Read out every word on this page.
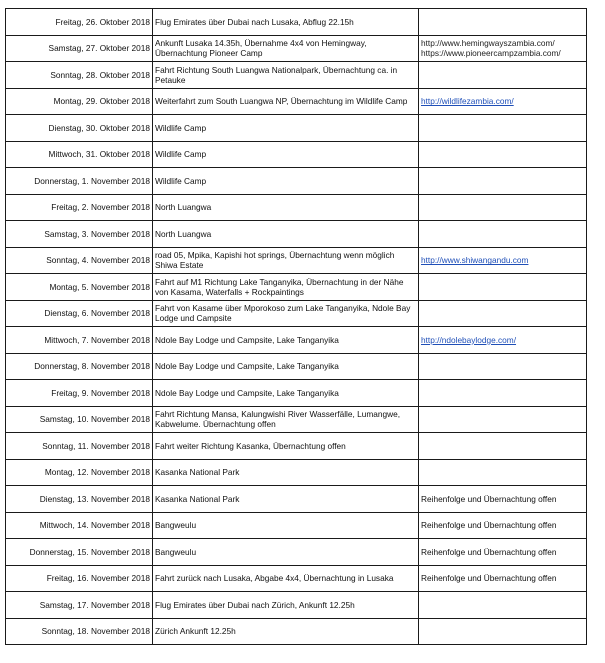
Freitag, 26. Oktober 2018	Flug Emirates über Dubai nach Lusaka, Abflug 22.15h	
Samstag, 27. Oktober 2018	Ankunft Lusaka 14.35h, Übernahme 4x4 von Hemingway, Übernachtung Pioneer Camp	http://www.hemingwayszambia.com/
https://www.pioneercampzambia.com/

Sonntag, 28. Oktober 2018	Fahrt Richtung South Luangwa Nationalpark, Übernachtung ca. in Petauke	
Montag, 29. Oktober 2018	Weiterfahrt zum South Luangwa NP, Übernachtung im Wildlife Camp	http://wildlifezambia.com/

Dienstag, 30. Oktober 2018	Wildlife Camp	
Mittwoch, 31. Oktober 2018	Wildlife Camp	
Donnerstag, 1. November 2018	Wildlife Camp	
Freitag, 2. November 2018	North Luangwa	
Samstag, 3. November 2018	North Luangwa	
Sonntag, 4. November 2018	road 05, Mpika, Kapishi hot springs, Übernachtung wenn möglich Shiwa Estate	http://www.shiwangandu.com

Montag, 5. November 2018	Fahrt auf M1 Richtung Lake Tanganyika, Übernachtung in der Nähe von Kasama, Waterfalls + Rockpaintings	
Dienstag, 6. November 2018	Fahrt von Kasame über Mporokoso zum Lake Tanganyika, Ndole Bay Lodge und Campsite	
Mittwoch, 7. November 2018	Ndole Bay Lodge und Campsite, Lake Tanganyika	http://ndolebaylodge.com/

Donnerstag, 8. November 2018	Ndole Bay Lodge und Campsite, Lake Tanganyika	
Freitag, 9. November 2018	Ndole Bay Lodge und Campsite, Lake Tanganyika	
Samstag, 10. November 2018	Fahrt Richtung Mansa, Kalungwishi River Wasserfälle, Lumangwe, Kabwelume. Übernachtung offen	
Sonntag, 11. November 2018	Fahrt weiter Richtung Kasanka, Übernachtung offen	
Montag, 12. November 2018	Kasanka National Park	
Dienstag, 13. November 2018	Kasanka National Park	Reihenfolge und Übernachtung offen

Mittwoch, 14. November 2018	Bangweulu	Reihenfolge und Übernachtung offen

Donnerstag, 15. November 2018	Bangweulu	Reihenfolge und Übernachtung offen

Freitag, 16. November 2018	Fahrt zurück nach Lusaka, Abgabe 4x4, Übernachtung in Lusaka	Reihenfolge und Übernachtung offen

Samstag, 17. November 2018	Flug Emirates über Dubai nach Zürich, Ankunft 12.25h	
Sonntag, 18. November 2018	Zürich Ankunft 12.25h	
